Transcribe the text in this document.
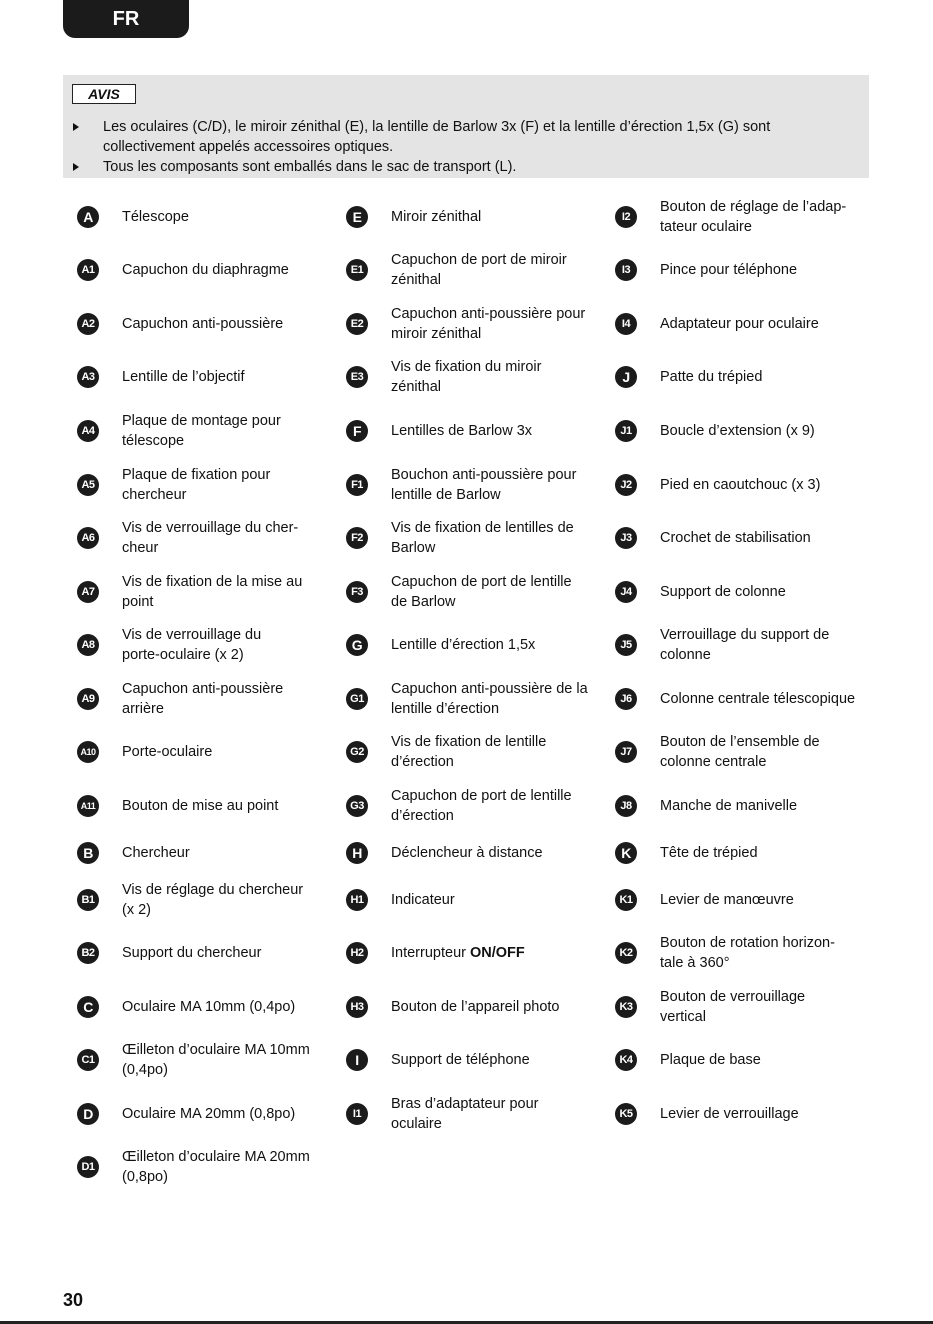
FR
AVIS
Les oculaires (C/D), le miroir zénithal (E), la lentille de Barlow 3x (F) et la lentille d’érection 1,5x (G) sont collectivement appelés accessoires optiques.
Tous les composants sont emballés dans le sac de transport (L).
A	Télescope
A1	Capuchon du diaphragme
A2	Capuchon anti-poussière
A3	Lentille de l’objectif
A4
Plaque de montage pour
télescope
A5
Plaque de fixation pour
chercheur
A6
Vis de verrouillage du cher-
cheur
A7
Vis de fixation de la mise au
point
A8
Vis de verrouillage du
porte-oculaire (x 2)
A9
Capuchon anti-poussière
arrière
A10 Porte-oculaire
A11 Bouton de mise au point
B	Chercheur
B1
Vis de réglage du chercheur
(x 2)
B2	Support du chercheur
C	Oculaire MA 10mm (0,4po)
C1
Œilleton d’oculaire MA 10mm
(0,4po)
D	Oculaire MA 20mm (0,8po)
D1
Œilleton d’oculaire MA 20mm
(0,8po)
E	Miroir zénithal
E1
Capuchon de port de miroir
zénithal
E2
Capuchon anti-poussière pour
miroir zénithal
E3
Vis de fixation du miroir
zénithal
F	Lentilles de Barlow 3x
F1
Bouchon anti-poussière pour
lentille de Barlow
F2
Vis de fixation de lentilles de
Barlow
F3
Capuchon de port de lentille
de Barlow
G	Lentille d’érection 1,5x
G1
Capuchon anti-poussière de la
lentille d’érection
G2
Vis de fixation de lentille
d’érection
G3
Capuchon de port de lentille
d’érection
H	Déclencheur à distance
H1	Indicateur
H2	Interrupteur ON/OFF
H3	Bouton de l’appareil photo
I	Support de téléphone
I1
Bras d’adaptateur pour
oculaire
I2
Bouton de réglage de l’adap-
tateur oculaire
I3	Pince pour téléphone
I4	Adaptateur pour oculaire
J	Patte du trépied
J1	Boucle d’extension (x 9)
J2	Pied en caoutchouc (x 3)
J3	Crochet de stabilisation
J4	Support de colonne
J5
Verrouillage du support de
colonne
J6	Colonne centrale télescopique
J7
Bouton de l’ensemble de
colonne centrale
J8	Manche de manivelle
K	Tête de trépied
K1	Levier de manœuvre
K2
Bouton de rotation horizon-
tale à 360°
K3
Bouton de verrouillage
vertical
K4	Plaque de base
K5	Levier de verrouillage
30
